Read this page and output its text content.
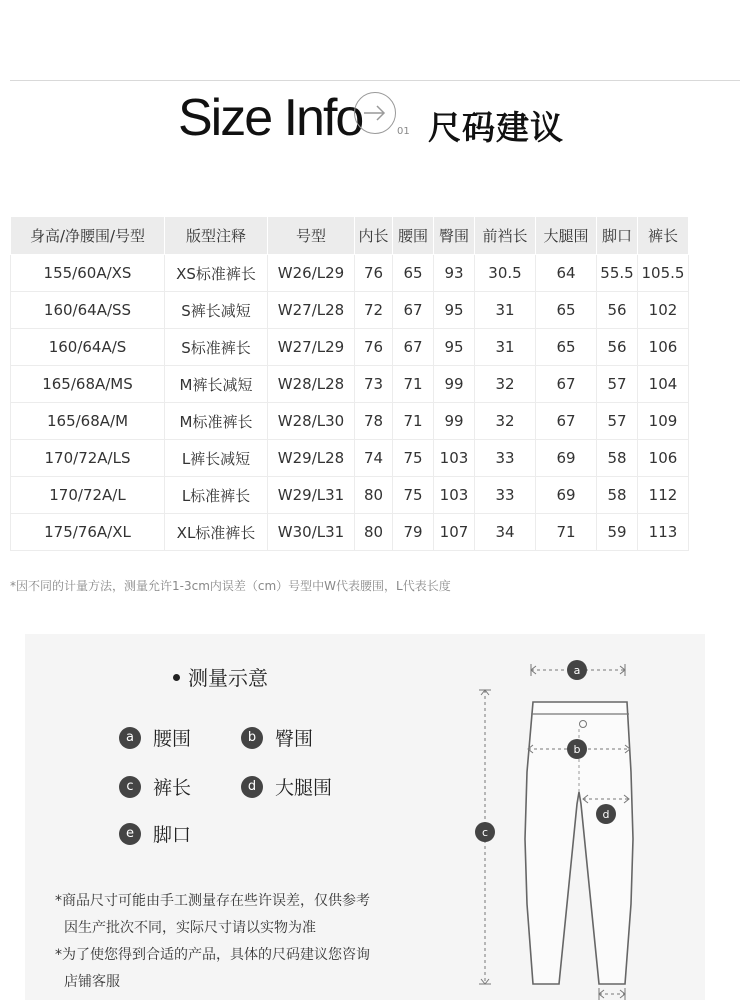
Size Info	01 尺码建议
身高/净腰围/号型	版型注释	号型	内长	腰围	臀围	前裆长	大腿围	脚口	裤长
155/60A/XS	XS标准裤长	W26/L29	76	65	93	30.5	64	55.5	105.5
160/64A/SS	S裤长减短	W27/L28	72	67	95	31	65	56	102
160/64A/S	S标准裤长	W27/L29	76	67	95	31	65	56	106
165/68A/MS	M裤长减短	W28/L28	73	71	99	32	67	57	104
165/68A/M	M标准裤长	W28/L30	78	71	99	32	67	57	109
170/72A/LS	L裤长减短	W29/L28	74	75	103	33	69	58	106
170/72A/L	L标准裤长	W29/L31	80	75	103	33	69	58	112
175/76A/XL	XL标准裤长	W30/L31	80	79	107	34	71	59	113
*因不同的计量方法，测量允许1-3cm内误差（cm）号型中W代表腰围，L代表长度
测量示意
a	腰围	b 臀围
c	裤长	d 大腿围
e	脚口
*商品尺寸可能由手工测量存在些许误差，仅供参考
因生产批次不同，实际尺寸请以实物为准
*为了使您得到合适的产品，具体的尺码建议您咨询
店铺客服
a
b
c
d
